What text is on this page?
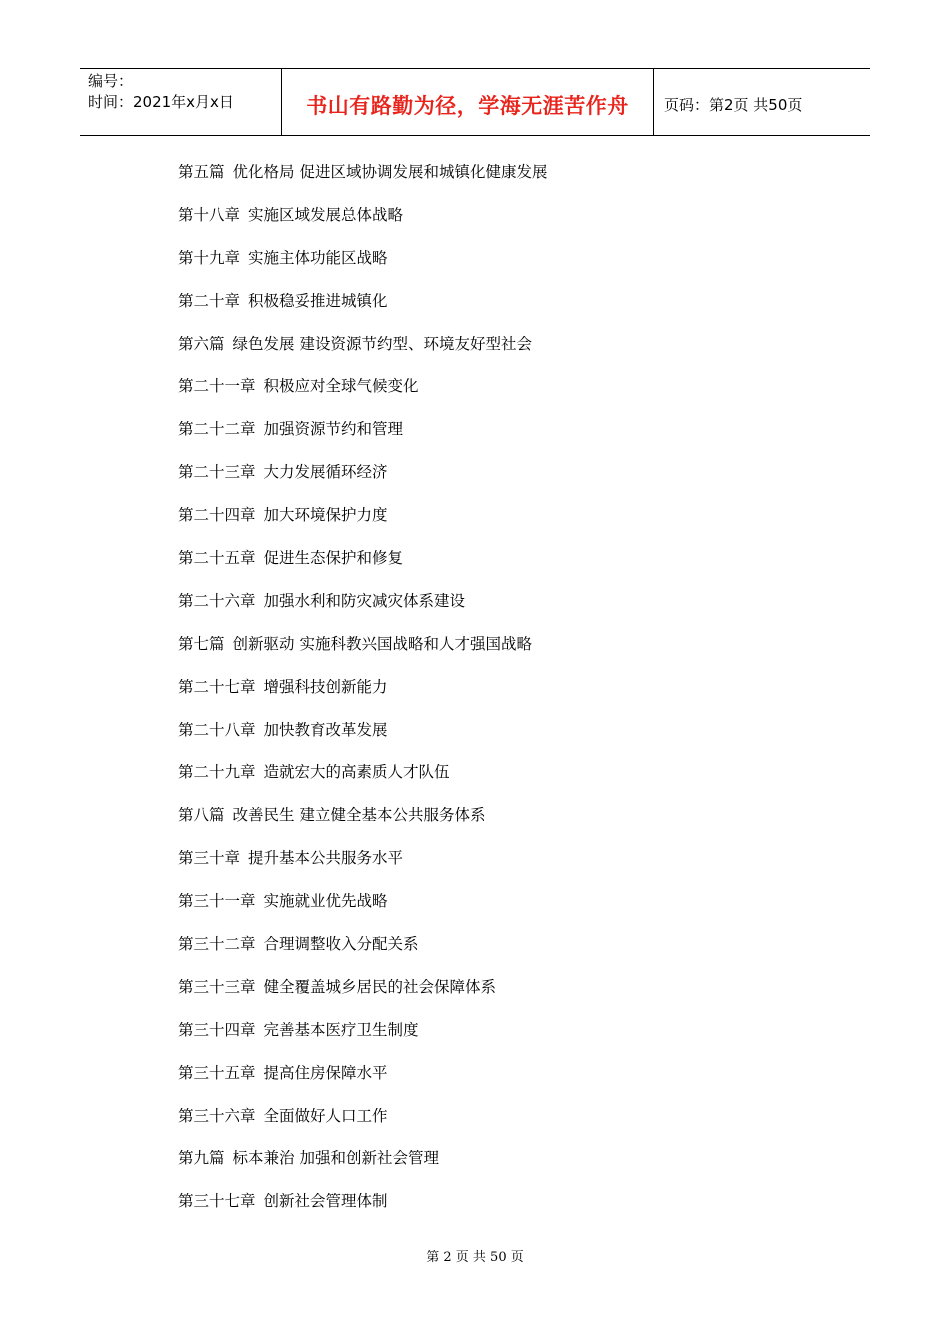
编号：
时间：2021年x月x日	书山有路勤为径，学海无涯苦作舟	页码：第2页 共50页
第五篇 优化格局 促进区域协调发展和城镇化健康发展
第十八章 实施区域发展总体战略
第十九章 实施主体功能区战略
第二十章 积极稳妥推进城镇化
第六篇 绿色发展 建设资源节约型、环境友好型社会
第二十一章 积极应对全球气候变化
第二十二章 加强资源节约和管理
第二十三章 大力发展循环经济
第二十四章 加大环境保护力度
第二十五章 促进生态保护和修复
第二十六章 加强水利和防灾减灾体系建设
第七篇 创新驱动 实施科教兴国战略和人才强国战略
第二十七章 增强科技创新能力
第二十八章 加快教育改革发展
第二十九章 造就宏大的高素质人才队伍
第八篇 改善民生 建立健全基本公共服务体系
第三十章 提升基本公共服务水平
第三十一章 实施就业优先战略
第三十二章 合理调整收入分配关系
第三十三章 健全覆盖城乡居民的社会保障体系
第三十四章 完善基本医疗卫生制度
第三十五章 提高住房保障水平
第三十六章 全面做好人口工作
第九篇 标本兼治 加强和创新社会管理
第三十七章 创新社会管理体制
第 2 页 共 50 页
